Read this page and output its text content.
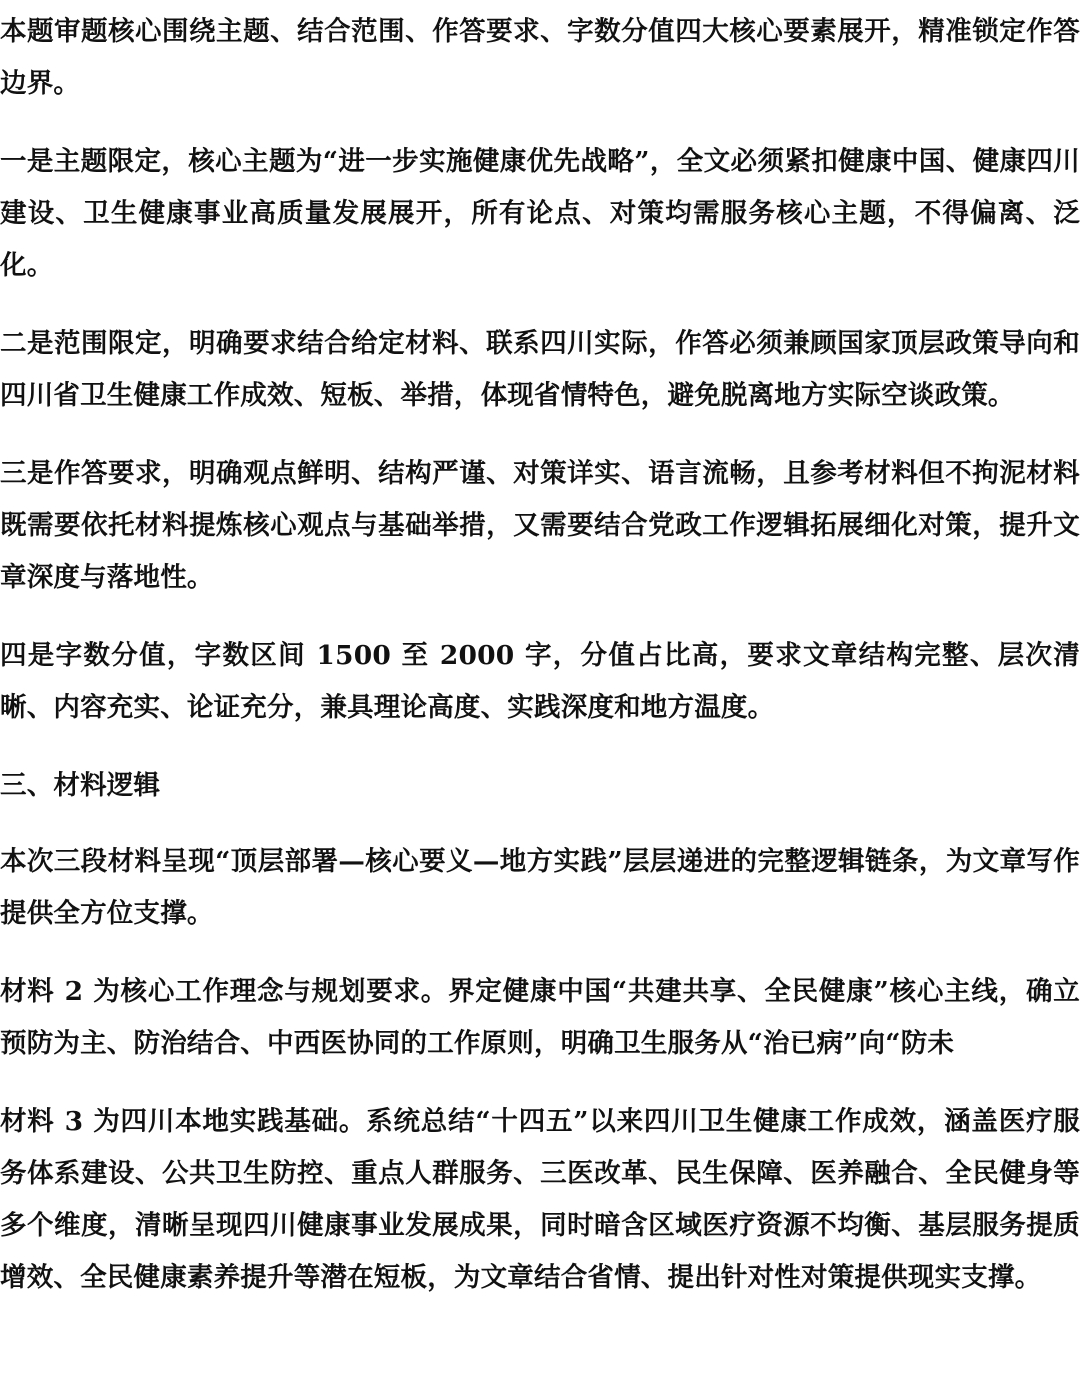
本题审题核心围绕主题、结合范围、作答要求、字数分值四大核心要素展开，精准锁定作答边界。

一是主题限定，核心主题为“进一步实施健康优先战略”，全文必须紧扣健康中国、健康四川建设、卫生健康事业高质量发展展开，所有论点、对策均需服务核心主题，不得偏离、泛化。

二是范围限定，明确要求结合给定材料、联系四川实际，作答必须兼顾国家顶层政策导向和四川省卫生健康工作成效、短板、举措，体现省情特色，避免脱离地方实际空谈政策。

三是作答要求，明确观点鲜明、结构严谨、对策详实、语言流畅，且参考材料但不拘泥材料既需要依托材料提炼核心观点与基础举措，又需要结合党政工作逻辑拓展细化对策，提升文章深度与落地性。

四是字数分值，字数区间 1500 至 2000 字，分值占比高，要求文章结构完整、层次清晰、内容充实、论证充分，兼具理论高度、实践深度和地方温度。

三、材料逻辑

本次三段材料呈现“顶层部署—核心要义—地方实践”层层递进的完整逻辑链条，为文章写作提供全方位支撑。

材料 2 为核心工作理念与规划要求。界定健康中国“共建共享、全民健康”核心主线，确立预防为主、防治结合、中西医协同的工作原则，明确卫生服务从“治已病”向“防未

材料 3 为四川本地实践基础。系统总结“十四五”以来四川卫生健康工作成效，涵盖医疗服务体系建设、公共卫生防控、重点人群服务、三医改革、民生保障、医养融合、全民健身等多个维度，清晰呈现四川健康事业发展成果，同时暗含区域医疗资源不均衡、基层服务提质增效、全民健康素养提升等潜在短板，为文章结合省情、提出针对性对策提供现实支撑。
